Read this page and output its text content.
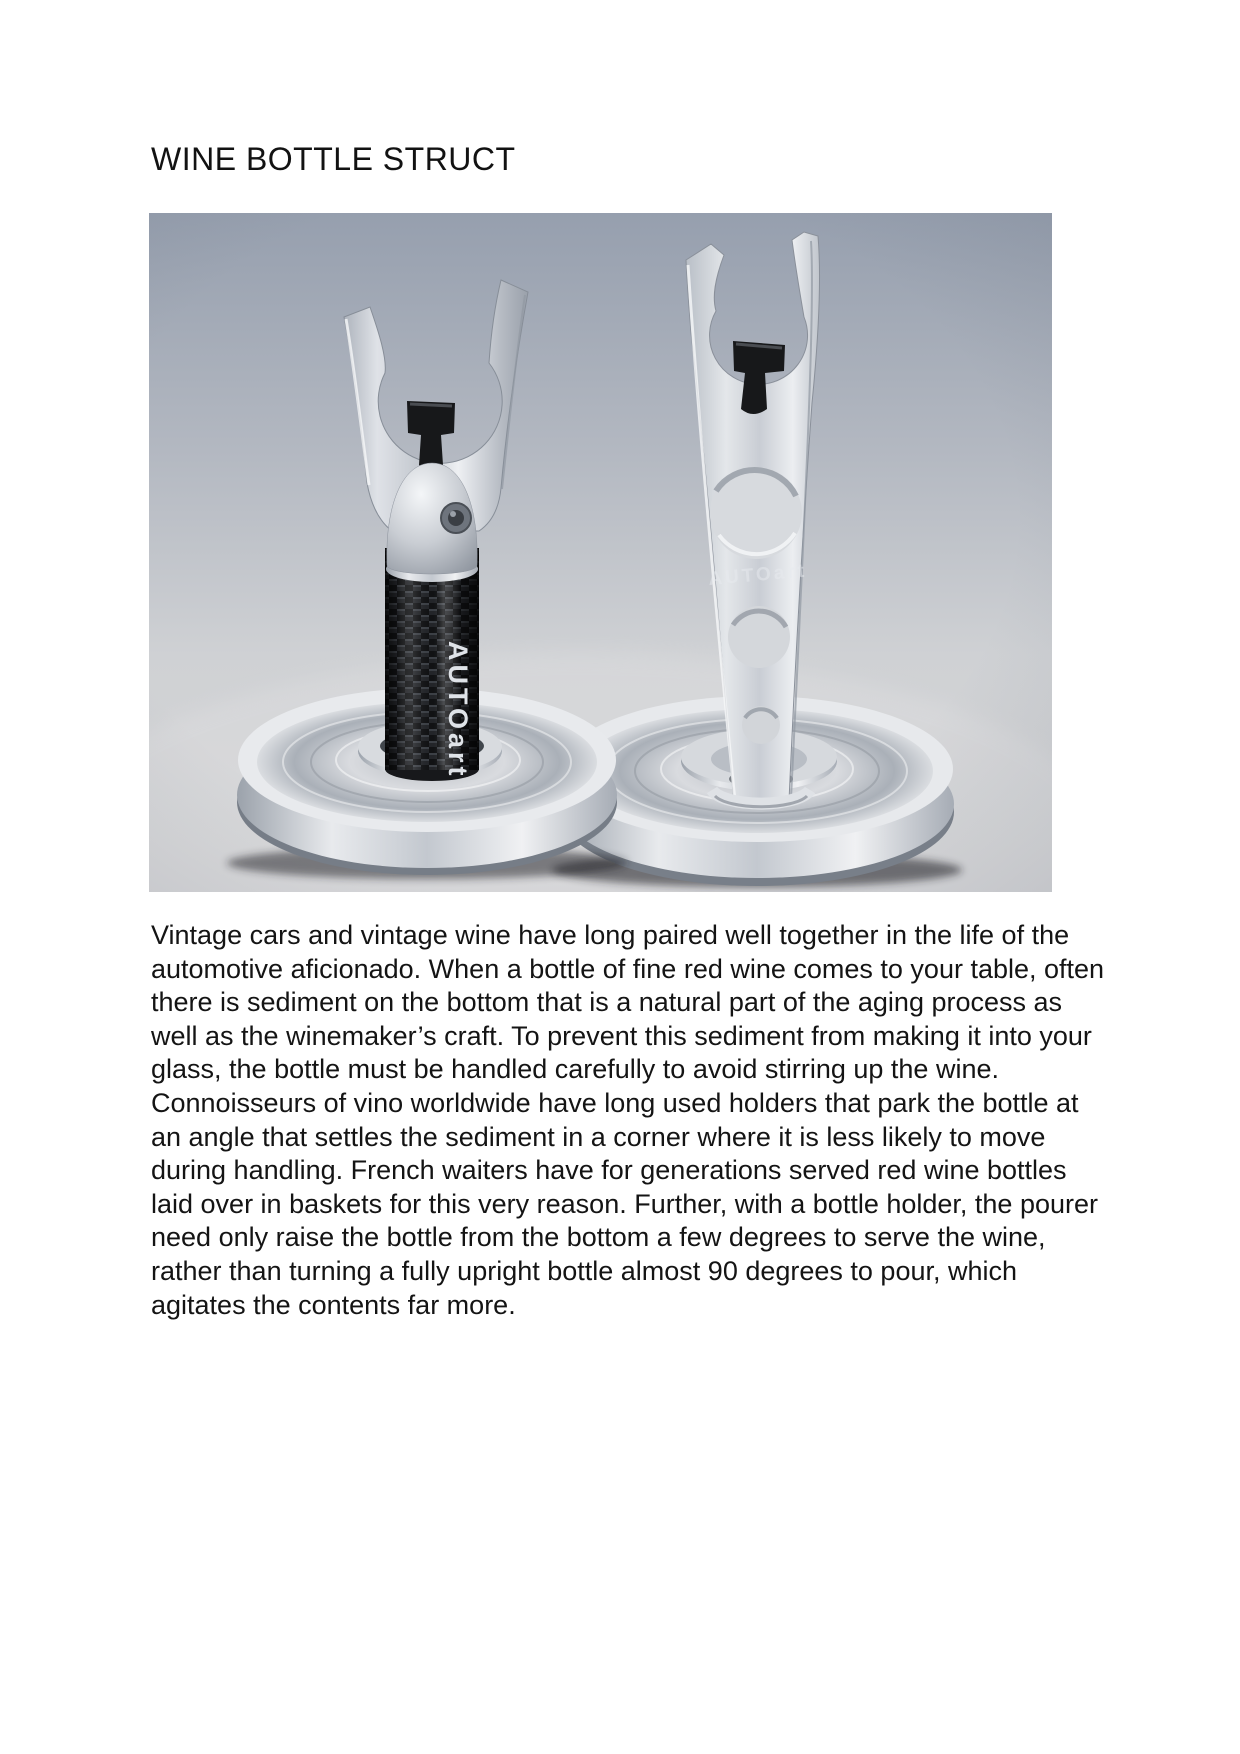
WINE BOTTLE STRUCT
AUTOart
AUTOart

Vintage cars and vintage wine have long paired well together in the life of the automotive aficionado. When a bottle of fine red wine comes to your table, often there is sediment on the bottom that is a natural part of the aging process as well as the winemaker’s craft. To prevent this sediment from making it into your glass, the bottle must be handled carefully to avoid stirring up the wine. Connoisseurs of vino worldwide have long used holders that park the bottle at an angle that settles the sediment in a corner where it is less likely to move during handling. French waiters have for generations served red wine bottles laid over in baskets for this very reason. Further, with a bottle holder, the pourer need only raise the bottle from the bottom a few degrees to serve the wine, rather than turning a fully upright bottle almost 90 degrees to pour, which agitates the contents far more.
